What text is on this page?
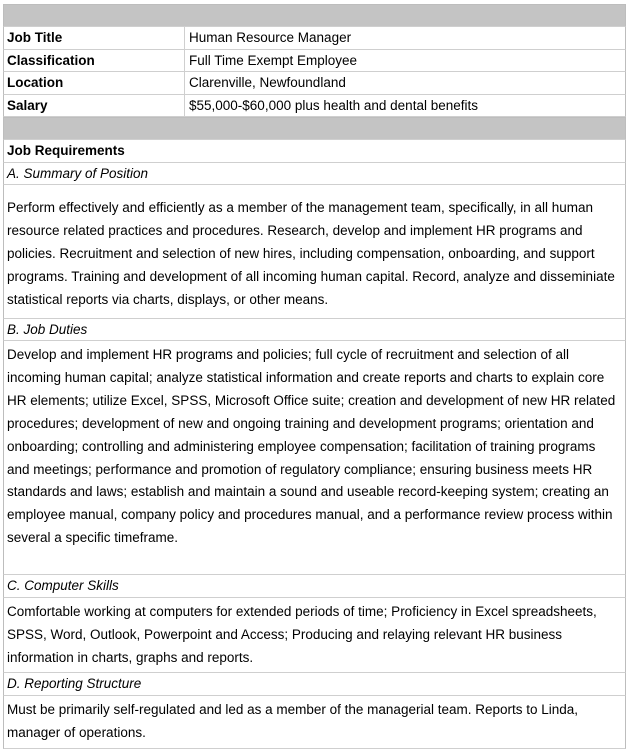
Job Title	Human Resource Manager
Classification	Full Time Exempt Employee
Location	Clarenville, Newfoundland
Salary	$55,000-$60,000 plus health and dental benefits
Job Requirements
A. Summary of Position
Perform effectively and efficiently as a member of the management team, specifically, in all human resource related practices and procedures. Research, develop and implement HR programs and policies. Recruitment and selection of new hires, including compensation, onboarding, and support programs. Training and development of all incoming human capital. Record, analyze and disseminiate statistical reports via charts, displays, or other means.
B. Job Duties
Develop and implement HR programs and policies; full cycle of recruitment and selection of all incoming human capital; analyze statistical information and create reports and charts to explain core HR elements; utilize Excel, SPSS, Microsoft Office suite; creation and development of new HR related procedures; development of new and ongoing training and development programs; orientation and onboarding; controlling and administering employee compensation; facilitation of training programs and meetings; performance and promotion of regulatory compliance; ensuring business meets HR standards and laws; establish and maintain a sound and useable record-keeping system; creating an employee manual, company policy and procedures manual, and a performance review process within several a specific timeframe.
C. Computer Skills
Comfortable working at computers for extended periods of time; Proficiency in Excel spreadsheets, SPSS, Word, Outlook, Powerpoint and Access; Producing and relaying relevant HR business information in charts, graphs and reports.
D. Reporting Structure
Must be primarily self-regulated and led as a member of the managerial team. Reports to Linda, manager of operations.
